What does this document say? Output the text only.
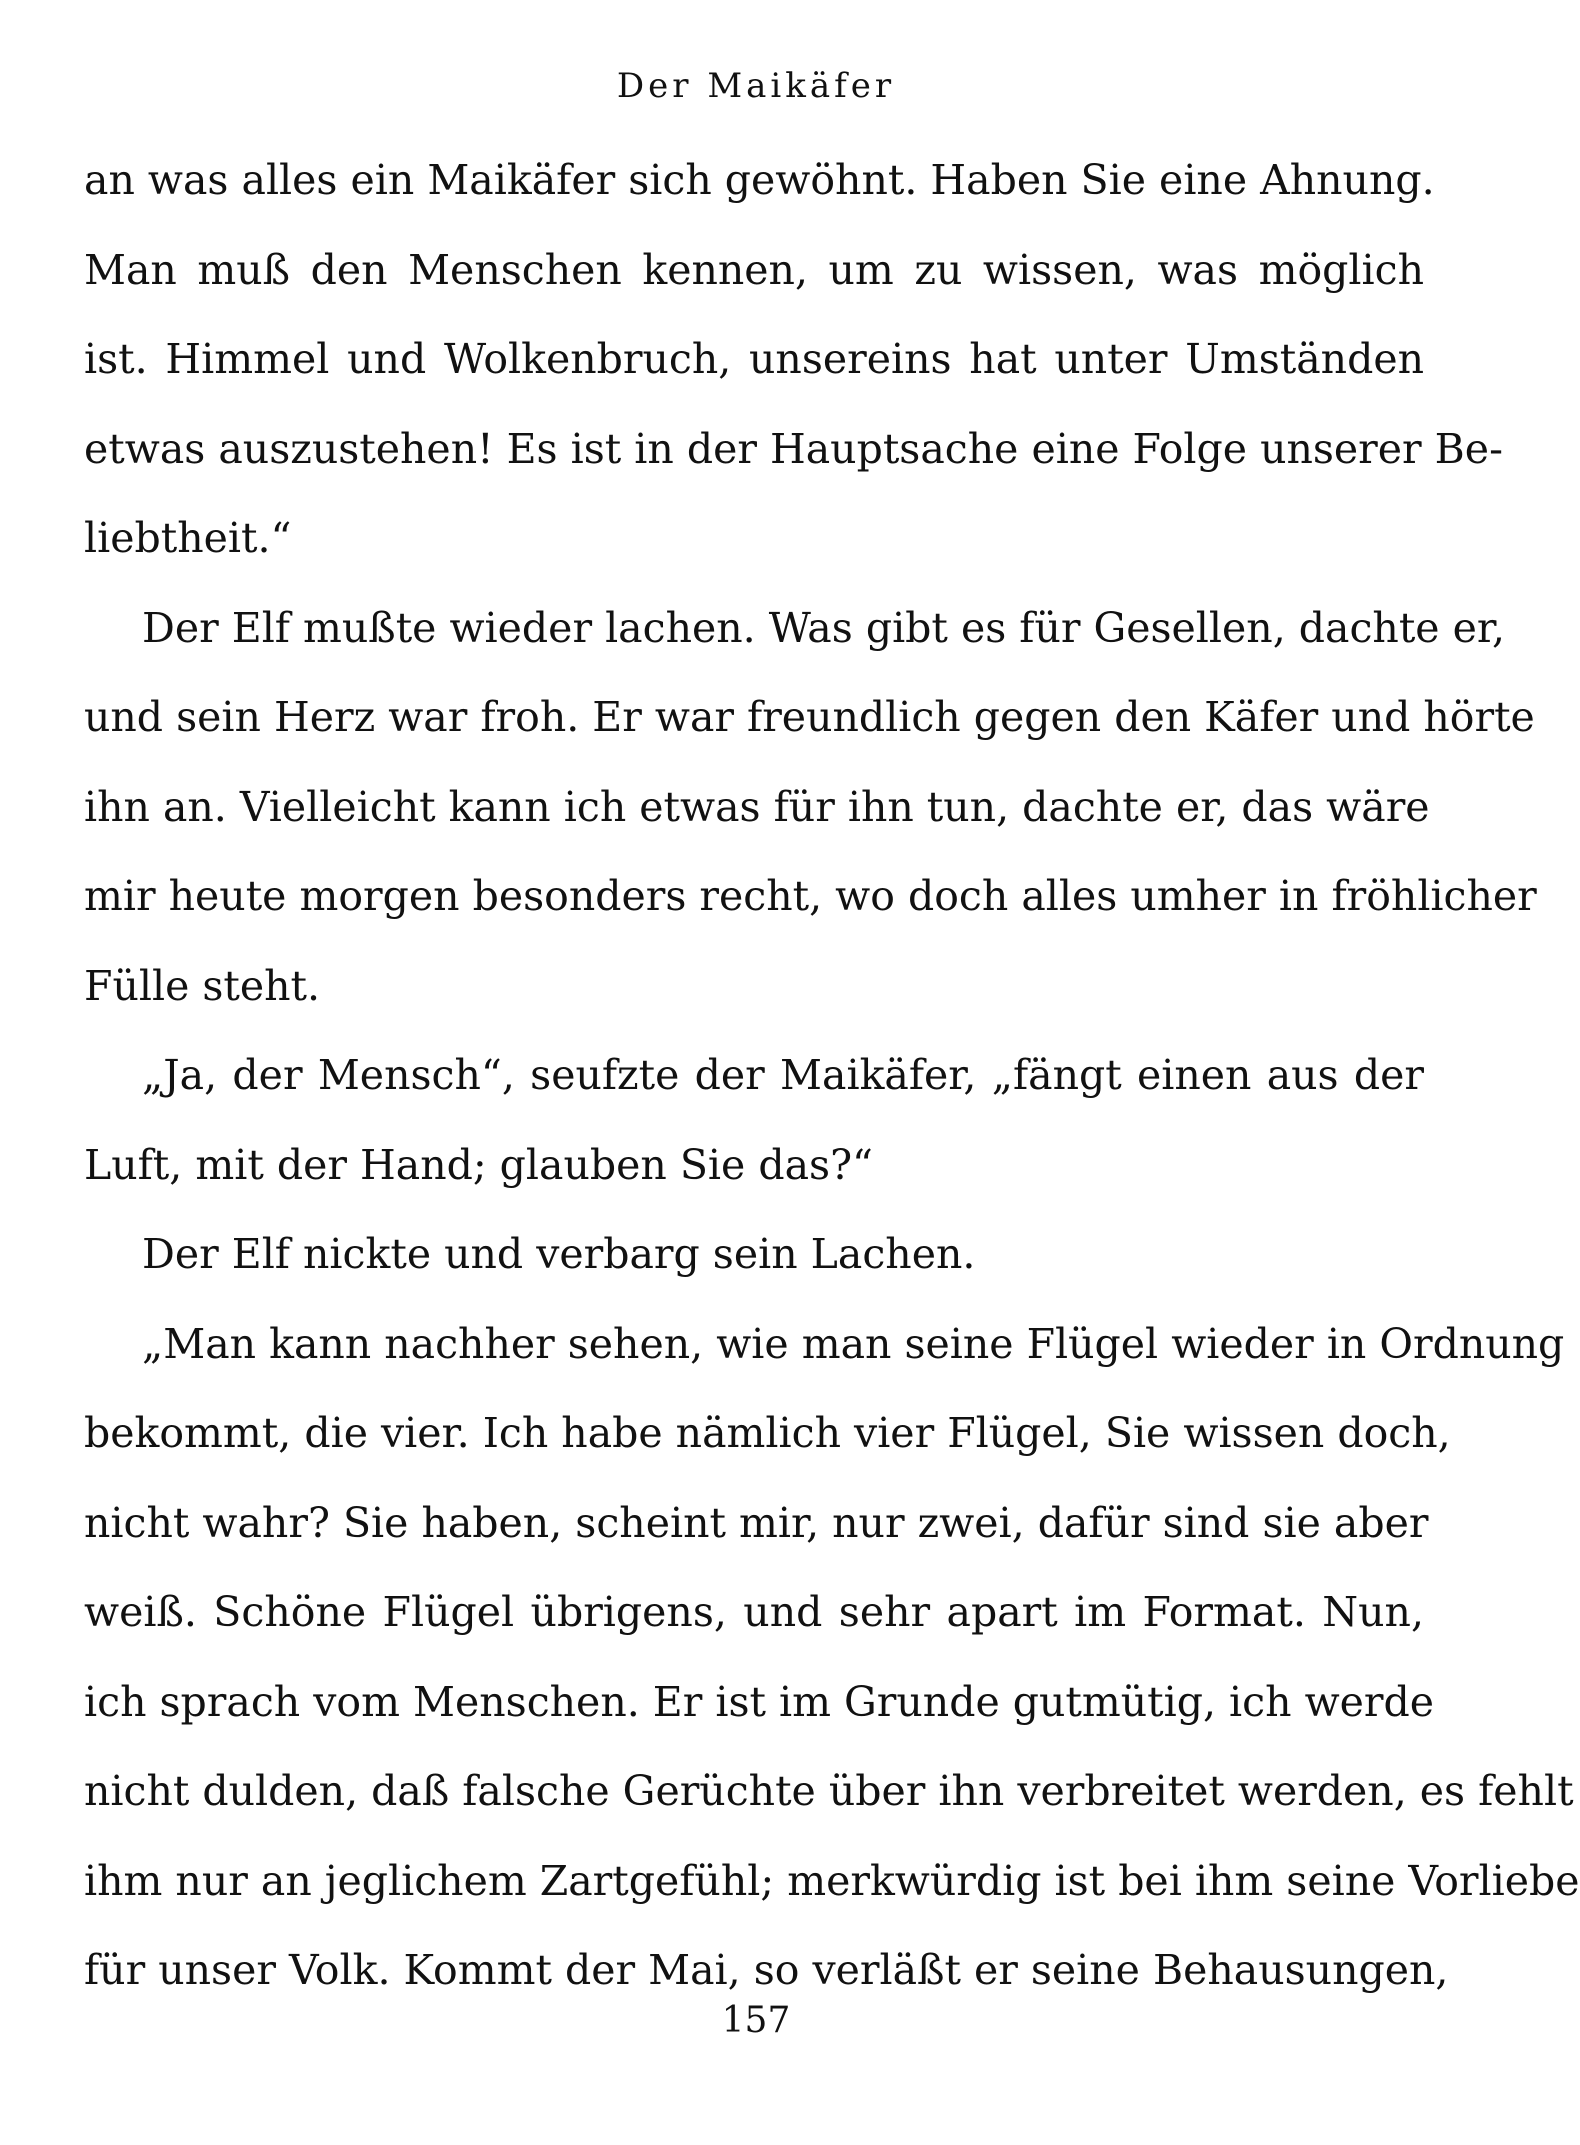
Der Maikäfer
an was alles ein Maikäfer sich gewöhnt. Haben Sie eine Ahnung.
Man muß den Menschen kennen, um zu wissen, was möglich
ist. Himmel und Wolkenbruch, unsereins hat unter Umständen
etwas auszustehen! Es ist in der Hauptsache eine Folge unserer Be-
liebtheit.“
Der Elf mußte wieder lachen. Was gibt es für Gesellen, dachte er,
und sein Herz war froh. Er war freundlich gegen den Käfer und hörte
ihn an. Vielleicht kann ich etwas für ihn tun, dachte er, das wäre
mir heute morgen besonders recht, wo doch alles umher in fröhlicher
Fülle steht.
„Ja, der Mensch“, seufzte der Maikäfer, „fängt einen aus der
Luft, mit der Hand; glauben Sie das?“
Der Elf nickte und verbarg sein Lachen.
„Man kann nachher sehen, wie man seine Flügel wieder in Ordnung
bekommt, die vier. Ich habe nämlich vier Flügel, Sie wissen doch,
nicht wahr? Sie haben, scheint mir, nur zwei, dafür sind sie aber
weiß. Schöne Flügel übrigens, und sehr apart im Format. Nun,
ich sprach vom Menschen. Er ist im Grunde gutmütig, ich werde
nicht dulden, daß falsche Gerüchte über ihn verbreitet werden, es fehlt
ihm nur an jeglichem Zartgefühl; merkwürdig ist bei ihm seine Vorliebe
für unser Volk. Kommt der Mai, so verläßt er seine Behausungen,
157
